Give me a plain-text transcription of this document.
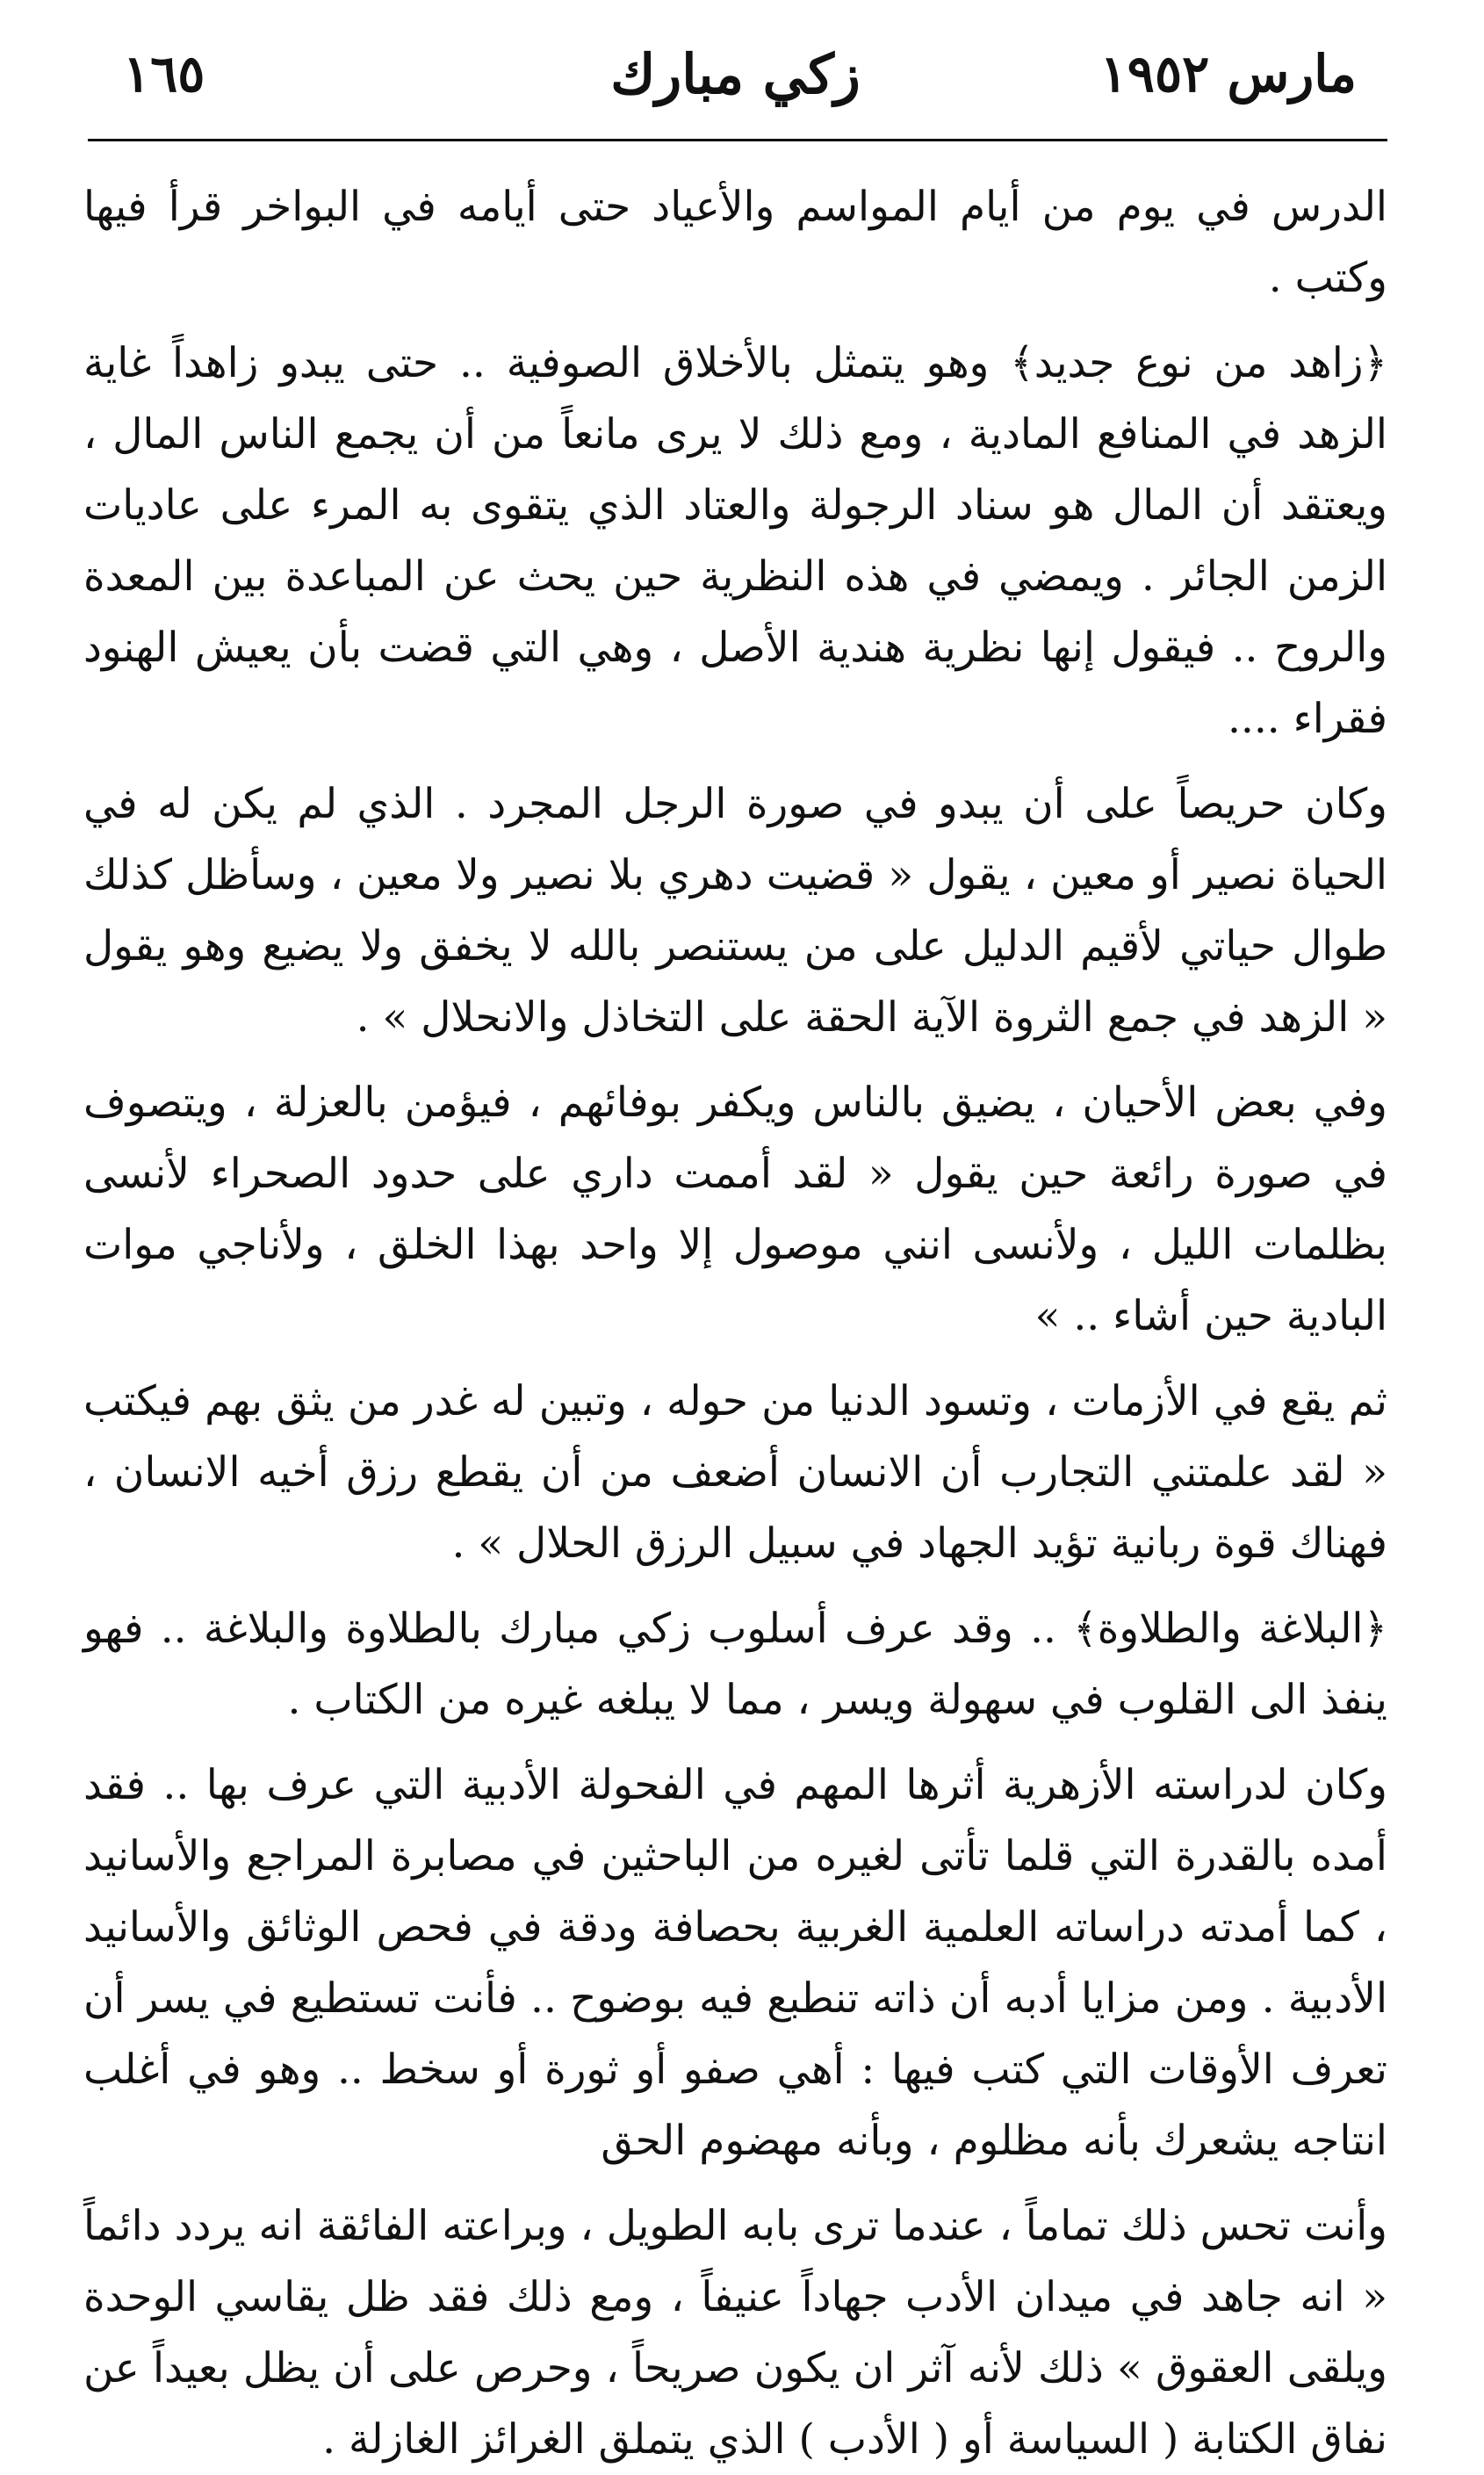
مارس ١٩٥٢
زكي مبارك
١٦٥

الدرس في يوم من أيام المواسم والأعياد حتى أيامه في البواخر قرأ فيها وكتب .

﴿زاهد من نوع جديد﴾ وهو يتمثل بالأخلاق الصوفية .. حتى يبدو زاهداً غاية الزهد في المنافع المادية ، ومع ذلك لا يرى مانعاً من أن يجمع الناس المال ، ويعتقد أن المال هو سناد الرجولة والعتاد الذي يتقوى به المرء على عاديات الزمن الجائر . ويمضي في هذه النظرية حين يحث عن المباعدة بين المعدة والروح .. فيقول إنها نظرية هندية الأصل ، وهي التي قضت بأن يعيش الهنود فقراء ....

وكان حريصاً على أن يبدو في صورة الرجل المجرد . الذي لم يكن له في الحياة نصير أو معين ، يقول « قضيت دهري بلا نصير ولا معين ، وسأظل كذلك طوال حياتي لأقيم الدليل على من يستنصر بالله لا يخفق ولا يضيع وهو يقول « الزهد في جمع الثروة الآية الحقة على التخاذل والانحلال » .

وفي بعض الأحيان ، يضيق بالناس ويكفر بوفائهم ، فيؤمن بالعزلة ، ويتصوف في صورة رائعة حين يقول « لقد أممت داري على حدود الصحراء لأنسى بظلمات الليل ، ولأنسى انني موصول إلا واحد بهذا الخلق ، ولأناجي موات البادية حين أشاء .. »

ثم يقع في الأزمات ، وتسود الدنيا من حوله ، وتبين له غدر من يثق بهم فيكتب « لقد علمتني التجارب أن الانسان أضعف من أن يقطع رزق أخيه الانسان ، فهناك قوة ربانية تؤيد الجهاد في سبيل الرزق الحلال » .

﴿البلاغة والطلاوة﴾ .. وقد عرف أسلوب زكي مبارك بالطلاوة والبلاغة .. فهو ينفذ الى القلوب في سهولة ويسر ، مما لا يبلغه غيره من الكتاب .

وكان لدراسته الأزهرية أثرها المهم في الفحولة الأدبية التي عرف بها .. فقد أمده بالقدرة التي قلما تأتى لغيره من الباحثين في مصابرة المراجع والأسانيد ، كما أمدته دراساته العلمية الغربية بحصافة ودقة في فحص الوثائق والأسانيد الأدبية . ومن مزايا أدبه أن ذاته تنطبع فيه بوضوح .. فأنت تستطيع في يسر أن تعرف الأوقات التي كتب فيها : أهي صفو أو ثورة أو سخط .. وهو في أغلب انتاجه يشعرك بأنه مظلوم ، وبأنه مهضوم الحق

وأنت تحس ذلك تماماً ، عندما ترى بابه الطويل ، وبراعته الفائقة انه يردد دائماً « انه جاهد في ميدان الأدب جهاداً عنيفاً ، ومع ذلك فقد ظل يقاسي الوحدة ويلقى العقوق » ذلك لأنه آثر ان يكون صريحاً ، وحرص على أن يظل بعيداً عن نفاق الكتابة ( السياسة أو ( الأدب ) الذي يتملق الغرائز الغازلة .
